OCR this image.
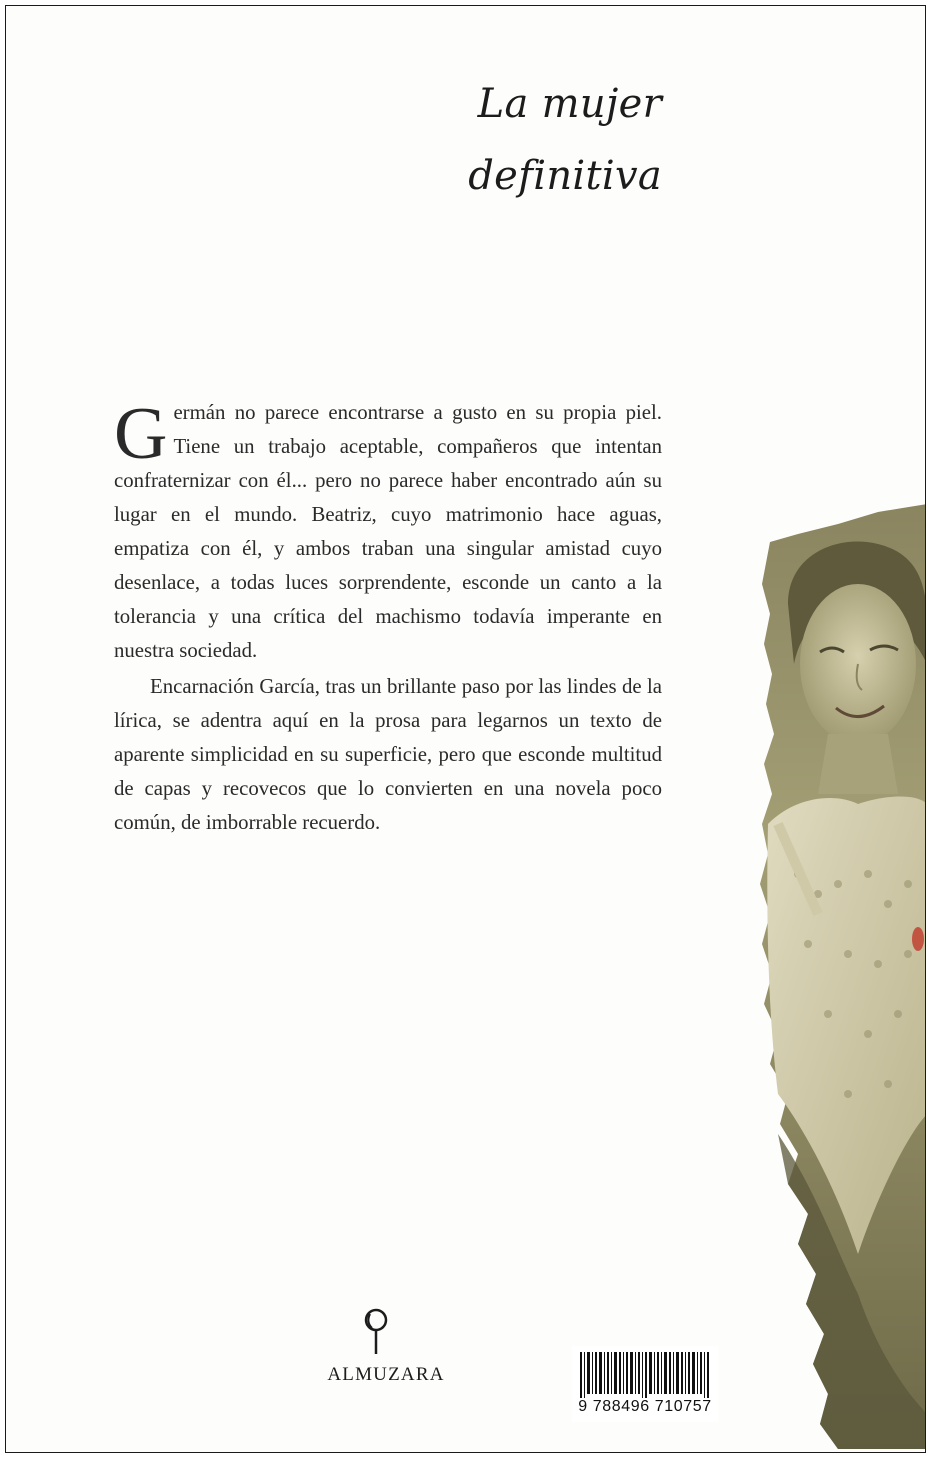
La mujer
definitiva

Germán no parece encontrarse a gusto en su propia piel. Tiene un trabajo aceptable, compañeros que intentan confraternizar con él... pero no parece haber encontrado aún su lugar en el mundo. Beatriz, cuyo matrimonio hace aguas, empatiza con él, y ambos traban una singular amistad cuyo desenlace, a todas luces sorprendente, esconde un canto a la tolerancia y una crítica del machismo todavía imperante en nuestra sociedad.

Encarnación García, tras un brillante paso por las lindes de la lírica, se adentra aquí en la prosa para legarnos un texto de aparente simplicidad en su superficie, pero que esconde multitud de capas y recovecos que lo convierten en una novela poco común, de imborrable recuerdo.

ALMUZARA
9 788496 710757
